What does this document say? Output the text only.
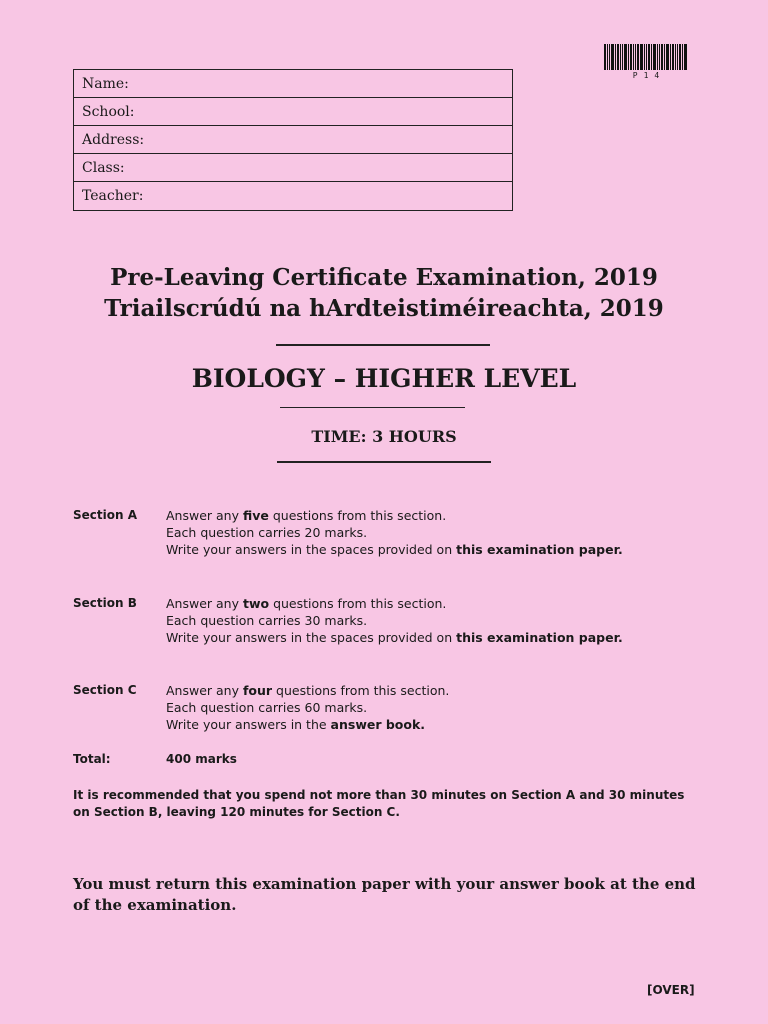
P14
Name:
School:
Address:
Class:
Teacher:
Pre-Leaving Certificate Examination, 2019
Triailscrúdú na hArdteistiméireachta, 2019
BIOLOGY – HIGHER LEVEL
TIME: 3 HOURS
Section A Answer any five questions from this section.
Each question carries 20 marks.
Write your answers in the spaces provided on this examination paper.
Section B Answer any two questions from this section.
Each question carries 30 marks.
Write your answers in the spaces provided on this examination paper.
Section C Answer any four questions from this section.
Each question carries 60 marks.
Write your answers in the answer book.
Total:	400 marks
It is recommended that you spend not more than 30 minutes on Section A and 30 minutes on Section B, leaving 120 minutes for Section C.
You must return this examination paper with your answer book at the end of the examination.
[OVER]
